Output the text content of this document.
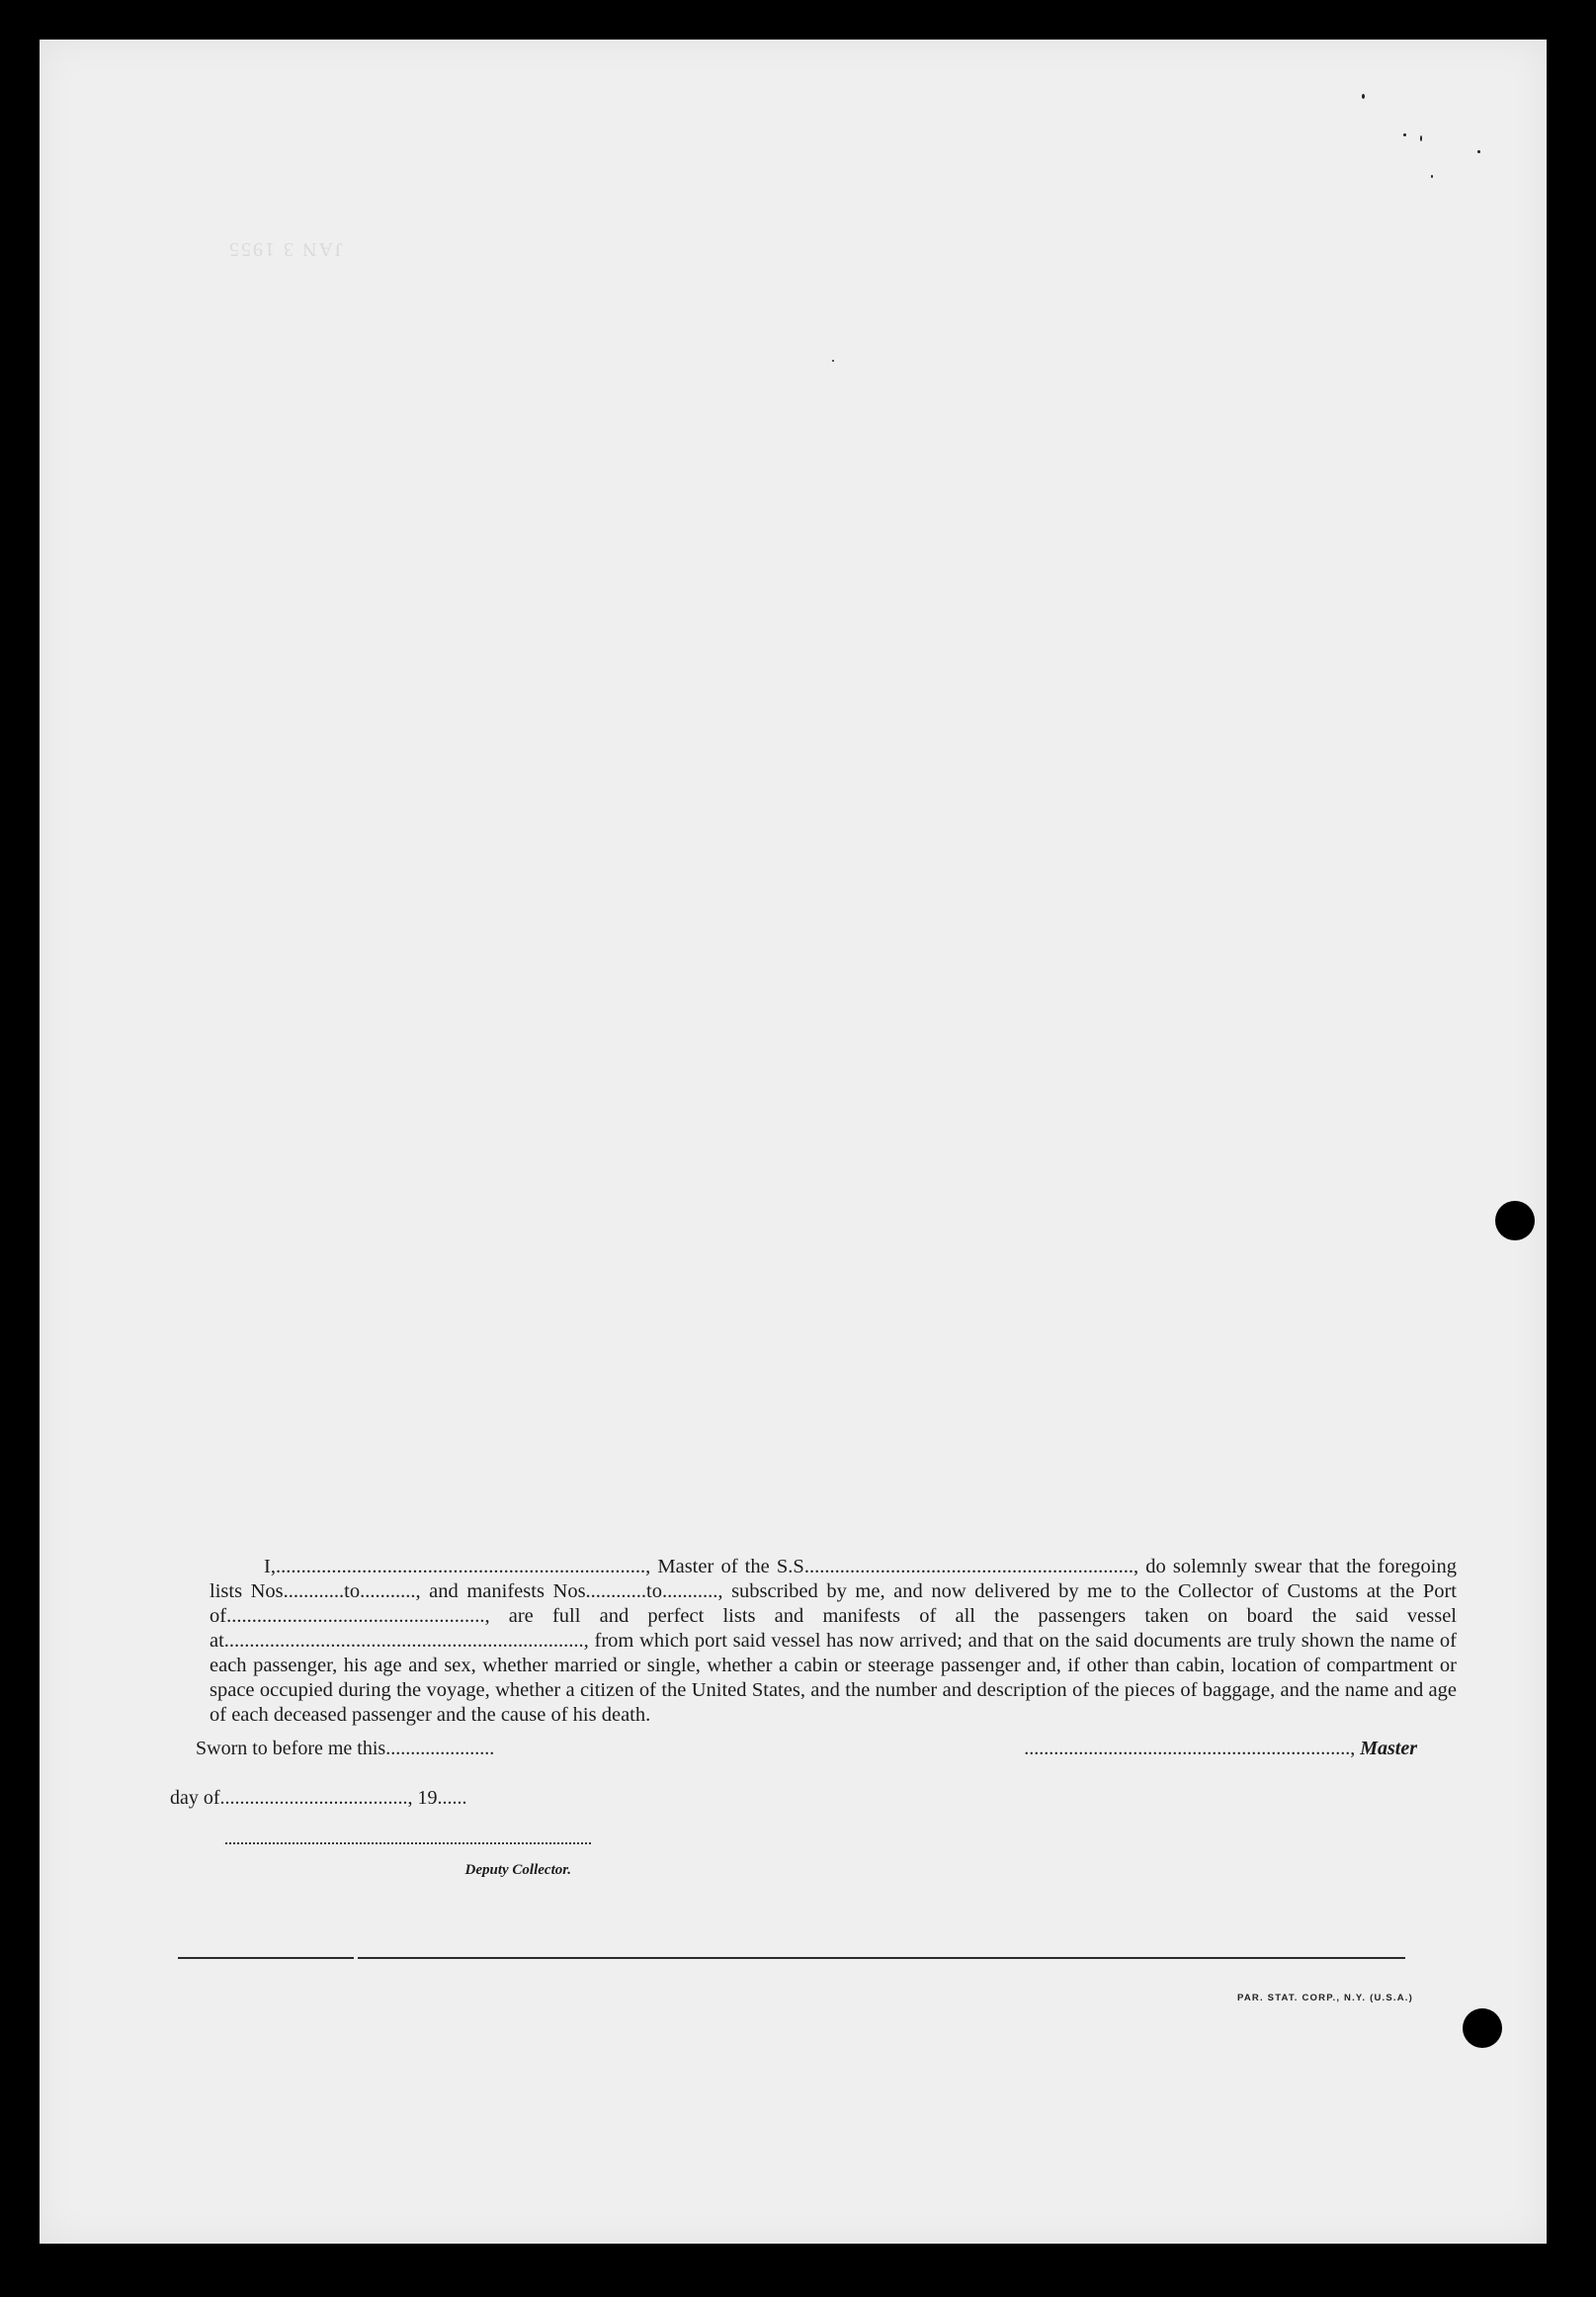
JAN 3 1955

I,........................................................................., Master of the S.S................................................................., do solemnly swear that the foregoing lists Nos............to..........., and manifests Nos............to..........., subscribed by me, and now delivered by me to the Collector of Customs at the Port of..................................................., are full and perfect lists and manifests of all the passengers taken on board the said vessel at......................................................................., from which port said vessel has now arrived; and that on the said documents are truly shown the name of each passenger, his age and sex, whether married or single, whether a cabin or steerage passenger and, if other than cabin, location of compartment or space occupied during the voyage, whether a citizen of the United States, and the number and description of the pieces of baggage, and the name and age of each deceased passenger and the cause of his death.

Sworn to before me this......................	.................................................................., Master
day of......................................, 19......
Deputy Collector.
PAR. STAT. CORP., N.Y. (U.S.A.)
